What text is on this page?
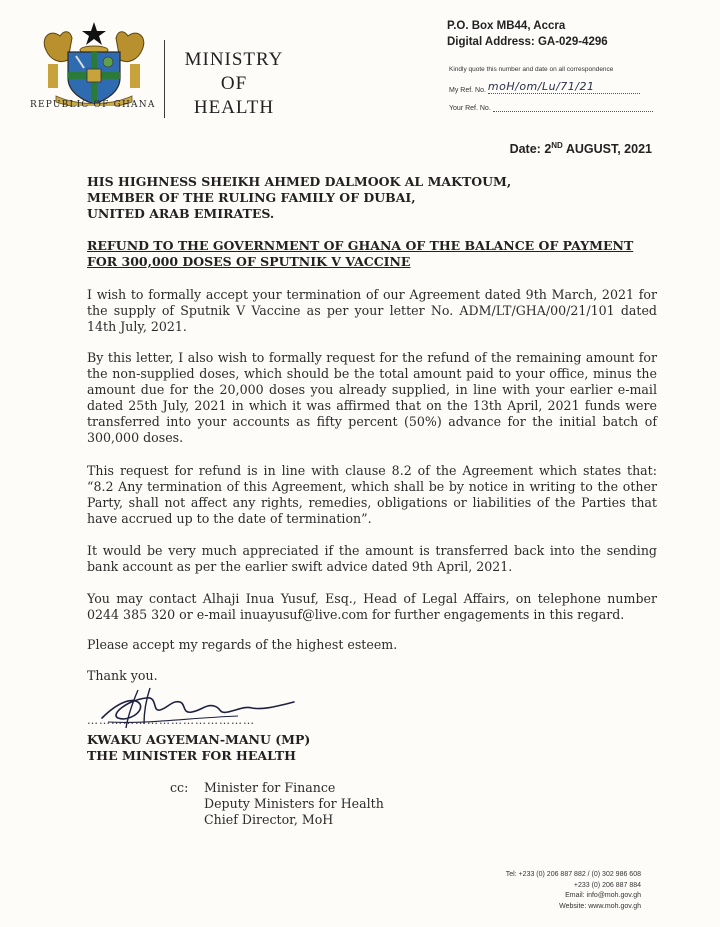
REPUBLIC OF GHANA
MINISTRY
OF
HEALTH
P.O. Box MB44, Accra
Digital Address: GA-029-4296
Kindly quote this number and date on all correspondence
My Ref. No. moH/om/Lu/71/21
Your Ref. No.
Date: 2ND AUGUST, 2021
HIS HIGHNESS SHEIKH AHMED DALMOOK AL MAKTOUM,
MEMBER OF THE RULING FAMILY OF DUBAI,
UNITED ARAB EMIRATES.
REFUND TO THE GOVERNMENT OF GHANA OF THE BALANCE OF PAYMENT FOR 300,000 DOSES OF SPUTNIK V VACCINE
I wish to formally accept your termination of our Agreement dated 9th March, 2021 for the supply of Sputnik V Vaccine as per your letter No. ADM/LT/GHA/00/21/101 dated 14th July, 2021.
By this letter, I also wish to formally request for the refund of the remaining amount for the non-supplied doses, which should be the total amount paid to your office, minus the amount due for the 20,000 doses you already supplied, in line with your earlier e-mail dated 25th July, 2021 in which it was affirmed that on the 13th April, 2021 funds were transferred into your accounts as fifty percent (50%) advance for the initial batch of 300,000 doses.
This request for refund is in line with clause 8.2 of the Agreement which states that: “8.2 Any termination of this Agreement, which shall be by notice in writing to the other Party, shall not affect any rights, remedies, obligations or liabilities of the Parties that have accrued up to the date of termination”.
It would be very much appreciated if the amount is transferred back into the sending bank account as per the earlier swift advice dated 9th April, 2021.
You may contact Alhaji Inua Yusuf, Esq., Head of Legal Affairs, on telephone number 0244 385 320 or e-mail inuayusuf@live.com for further engagements in this regard.
Please accept my regards of the highest esteem.
Thank you.
……………………………………
KWAKU AGYEMAN-MANU (MP)
THE MINISTER FOR HEALTH
cc: Minister for Finance
Deputy Ministers for Health
Chief Director, MoH
Tel: +233 (0) 206 887 882 / (0) 302 986 608
+233 (0) 206 887 884
Email: info@moh.gov.gh
Website: www.moh.gov.gh
